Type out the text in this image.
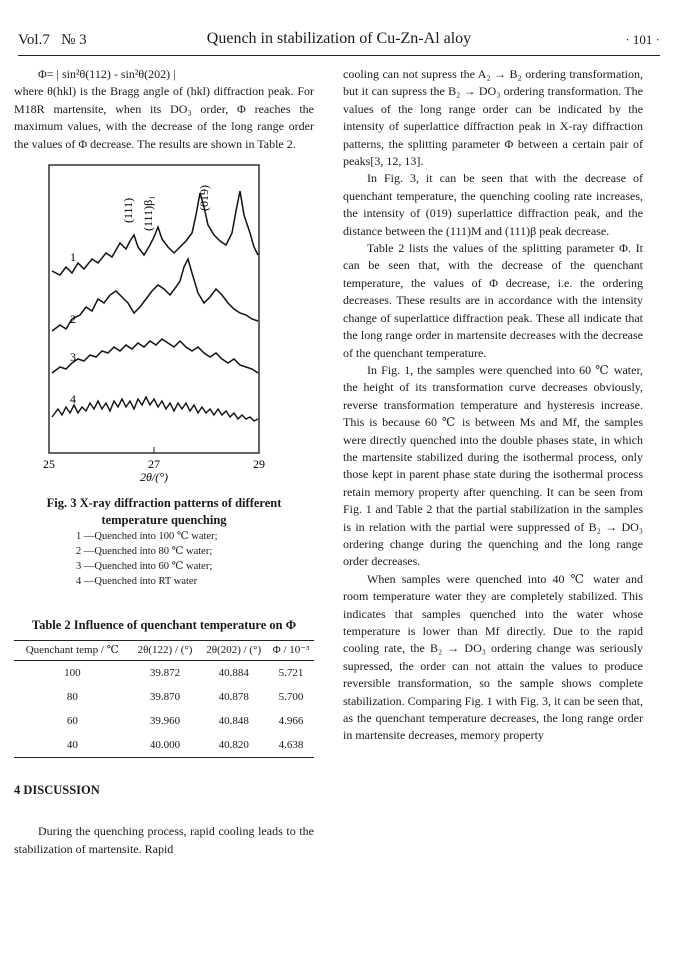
Vol.7 № 3	Quench in stabilization of Cu-Zn-Al aloy	· 101 ·

Φ= | sin²θ(112) - sin²θ(202) |

where θ(hkl) is the Bragg angle of (hkl) diffraction peak. For M18R martensite, when its DO₃ order, Φ reaches the maximum values, with the decrease of the long range order the values of Φ decrease. The results are shown in Table 2.

(111) (111)β₁	(019)
1
2
3
4
25	27	29
2θ/(°)
Fig. 3 X-ray diffraction patterns of different temperature quenching
1 —Quenched into 100 ℃ water;
2 —Quenched into 80 ℃ water;
3 —Quenched into 60 ℃ water;
4 —Quenched into RT water
Table 2 Influence of quenchant temperature on Φ
Quenchant temp / ℃	2θ(122) / (°)	2θ(202) / (°)	Φ / 10⁻³
100	39.872	40.884	5.721
80	39.870	40.878	5.700
60	39.960	40.848	4.966
40	40.000	40.820	4.638
4 DISCUSSION

During the quenching process, rapid cooling leads to the stabilization of martensite. Rapid

cooling can not supress the A₂ → B₂ ordering transformation, but it can supress the B₂ → DO₃ ordering transformation. The values of the long range order can be indicated by the intensity of superlattice diffraction peak in X-ray diffraction patterns, the splitting parameter Φ between a certain pair of peaks[3, 12, 13].

In Fig. 3, it can be seen that with the decrease of quenchant temperature, the quenching cooling rate increases, the intensity of (019) superlattice diffraction peak, and the distance between the (111)M and (111)β peak decrease.

Table 2 lists the values of the splitting parameter Φ. It can be seen that, with the decrease of the quenchant temperature, the values of Φ decrease, i.e. the ordering decreases. These results are in accordance with the intensity change of superlattice diffraction peak. These all indicate that the long range order in martensite decreases with the decrease of the quenchant temperature.

In Fig. 1, the samples were quenched into 60 ℃ water, the height of its transformation curve decreases obviously, reverse transformation temperature and hysteresis increase. This is because 60 ℃ is between Ms and Mf, the samples were directly quenched into the double phases state, in which the martensite stabilized during the isothermal process, only those kept in parent phase state during the isothermal process retain memory property after quenching. It can be seen from Fig. 1 and Table 2 that the partial stabilization in the samples is in relation with the partial were suppressed of B₂ → DO₃ ordering change during the quenching and the long range order decreases.

When samples were quenched into 40 ℃ water and room temperature water they are completely stabilized. This indicates that samples quenched into the water whose temperature is lower than Mf directly. Due to the rapid cooling rate, the B₂ → DO₃ ordering change was seriously supressed, the order can not attain the values to produce reversible transformation, so the sample shows complete stabilization. Comparing Fig. 1 with Fig. 3, it can be seen that, as the quenchant temperature decreases, the long range order in martensite decreases, memory property
